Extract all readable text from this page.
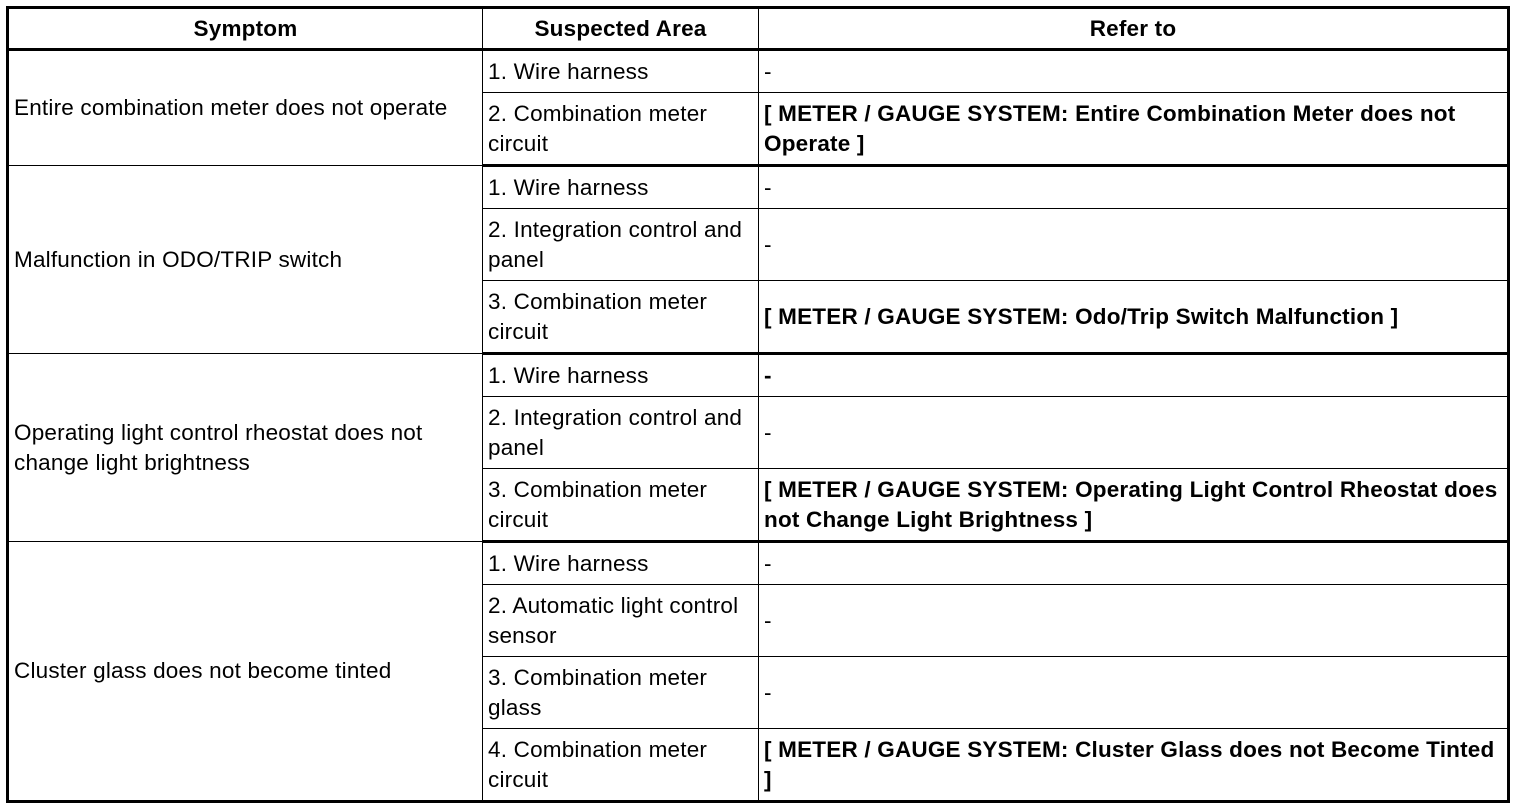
Symptom	Suspected Area	Refer to
Entire combination meter does not operate	1. Wire harness	-
	2. Combination meter circuit	[ METER / GAUGE SYSTEM: Entire Combination Meter does not Operate ]
Malfunction in ODO/TRIP switch	1. Wire harness	-
	2. Integration control and panel	-
	3. Combination meter circuit	[ METER / GAUGE SYSTEM: Odo/Trip Switch Malfunction ]
Operating light control rheostat does not change light brightness	1. Wire harness	-
	2. Integration control and panel	-
	3. Combination meter circuit	[ METER / GAUGE SYSTEM: Operating Light Control Rheostat does not Change Light Brightness ]
Cluster glass does not become tinted	1. Wire harness	-
	2. Automatic light control sensor	-
	3. Combination meter glass	-
	4. Combination meter circuit	[ METER / GAUGE SYSTEM: Cluster Glass does not Become Tinted ]
